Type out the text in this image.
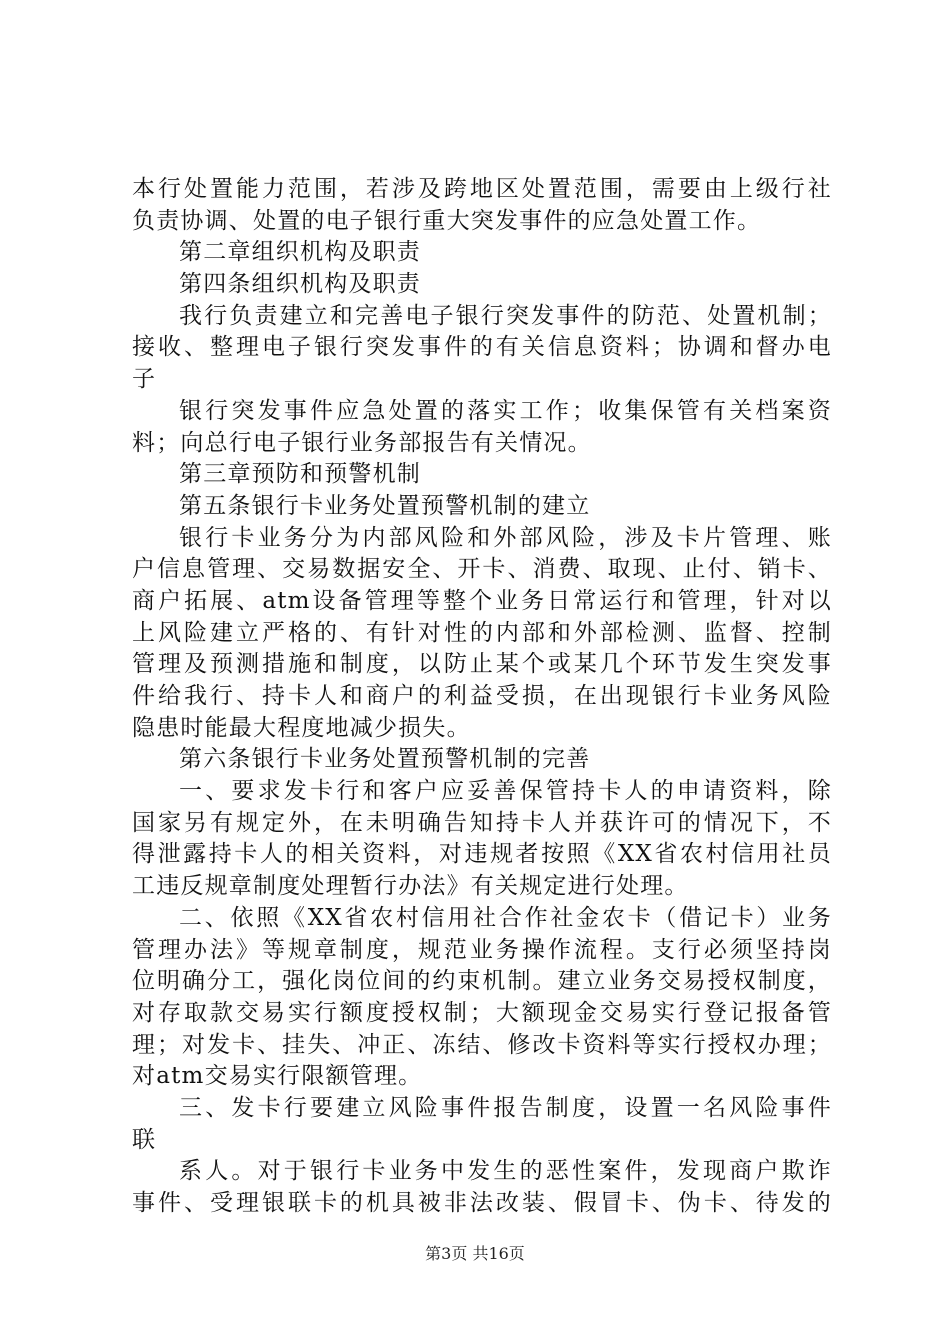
本行处置能力范围，若涉及跨地区处置范围，需要由上级行社
负责协调、处置的电子银行重大突发事件的应急处置工作。
第二章组织机构及职责
第四条组织机构及职责
我行负责建立和完善电子银行突发事件的防范、处置机制；
接收、整理电子银行突发事件的有关信息资料；协调和督办电
子
银行突发事件应急处置的落实工作；收集保管有关档案资
料；向总行电子银行业务部报告有关情况。
第三章预防和预警机制
第五条银行卡业务处置预警机制的建立
银行卡业务分为内部风险和外部风险，涉及卡片管理、账
户信息管理、交易数据安全、开卡、消费、取现、止付、销卡、
商户拓展、atm设备管理等整个业务日常运行和管理，针对以
上风险建立严格的、有针对性的内部和外部检测、监督、控制
管理及预测措施和制度，以防止某个或某几个环节发生突发事
件给我行、持卡人和商户的利益受损，在出现银行卡业务风险
隐患时能最大程度地减少损失。
第六条银行卡业务处置预警机制的完善
一、要求发卡行和客户应妥善保管持卡人的申请资料，除
国家另有规定外，在未明确告知持卡人并获许可的情况下，不
得泄露持卡人的相关资料，对违规者按照《XX省农村信用社员
工违反规章制度处理暂行办法》有关规定进行处理。
二、依照《XX省农村信用社合作社金农卡（借记卡）业务
管理办法》等规章制度，规范业务操作流程。支行必须坚持岗
位明确分工，强化岗位间的约束机制。建立业务交易授权制度，
对存取款交易实行额度授权制；大额现金交易实行登记报备管
理；对发卡、挂失、冲正、冻结、修改卡资料等实行授权办理；
对atm交易实行限额管理。
三、发卡行要建立风险事件报告制度，设置一名风险事件
联
系人。对于银行卡业务中发生的恶性案件，发现商户欺诈
事件、受理银联卡的机具被非法改装、假冒卡、伪卡、待发的
第3页 共16页
